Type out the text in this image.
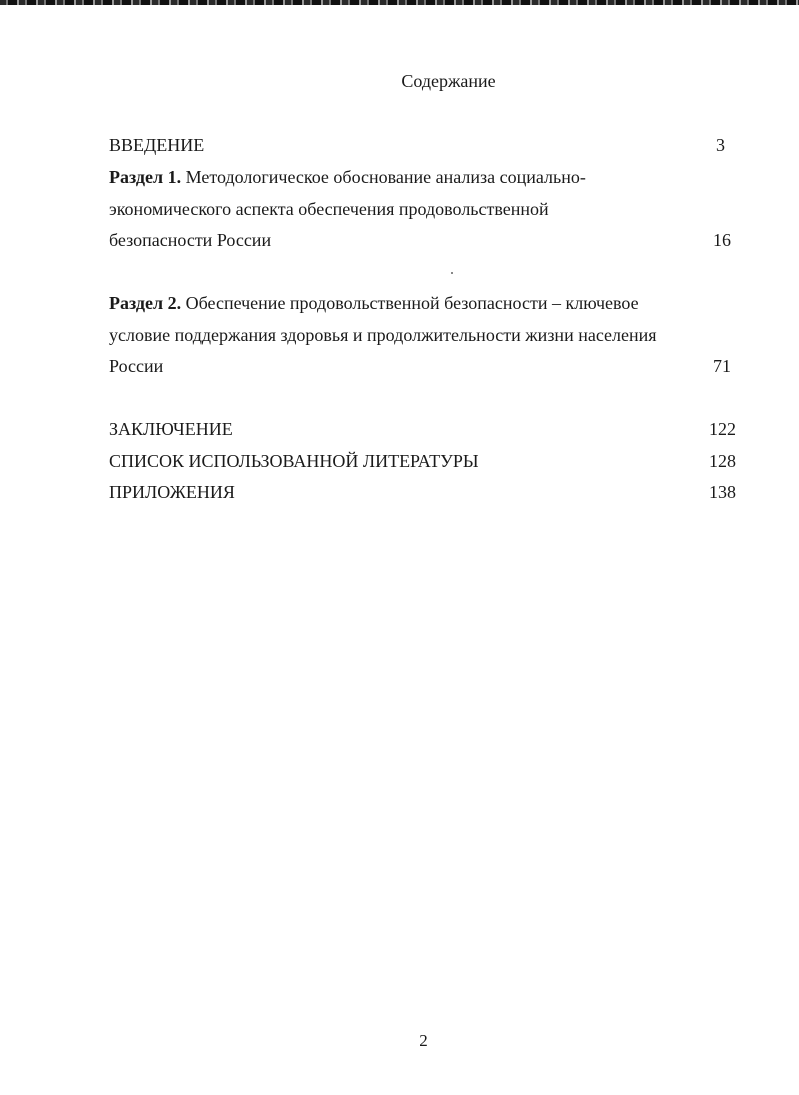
Содержание
ВВЕДЕНИЕ	3
Раздел 1. Методологическое обоснование анализа социально-
экономического аспекта обеспечения продовольственной
безопасности России	16
Раздел 2. Обеспечение продовольственной безопасности – ключевое
условие поддержания здоровья и продолжительности жизни населения
России	71
ЗАКЛЮЧЕНИЕ	122
СПИСОК ИСПОЛЬЗОВАННОЙ ЛИТЕРАТУРЫ	128
ПРИЛОЖЕНИЯ	138
2
